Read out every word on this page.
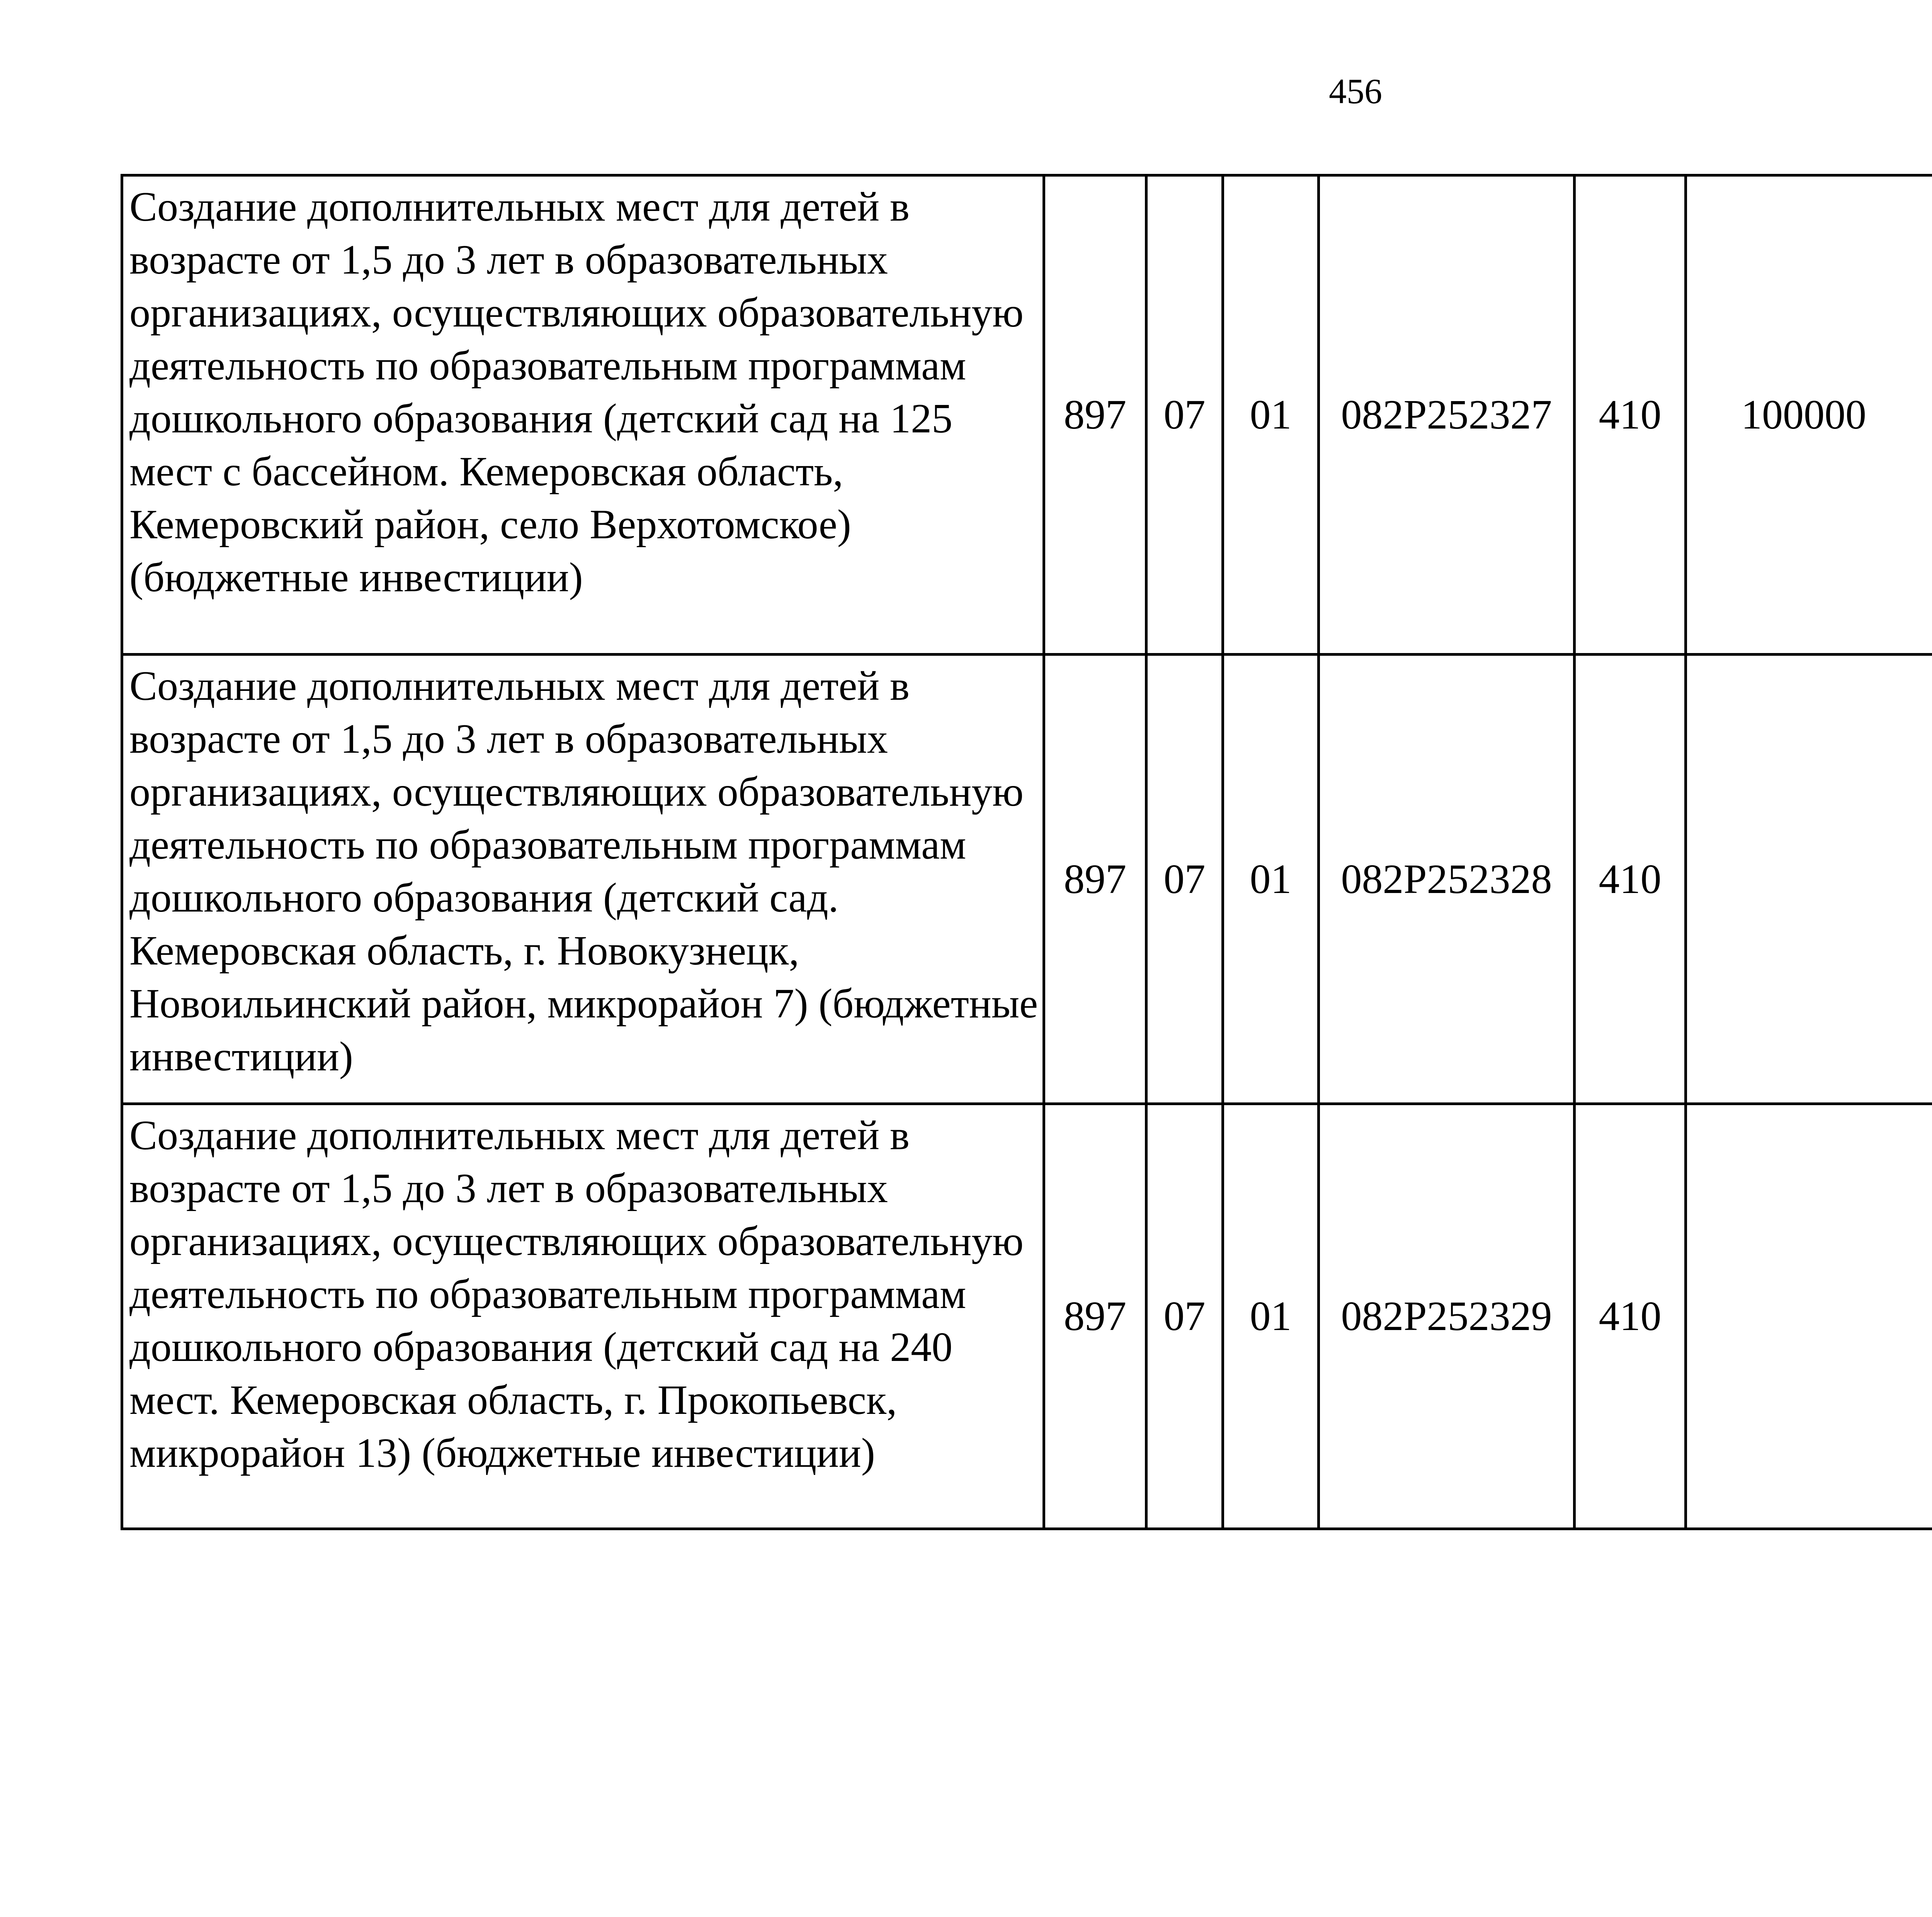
456
Создание дополнительных мест для детей в возрасте от 1,5 до 3 лет в образовательных организациях, осуществляющих образовательную деятельность по образовательным программам дошкольного образования (детский сад на 125 мест с бассейном. Кемеровская область, Кемеровский район, село Верхотомское) (бюджетные инвестиции)	897	07	01	082P252327	410	100000		
Создание дополнительных мест для детей в возрасте от 1,5 до 3 лет в образовательных организациях, осуществляющих образовательную деятельность по образовательным программам дошкольного образования (детский сад. Кемеровская область, г. Новокузнецк, Новоильинский район, микрорайон 7) (бюджетные инвестиции)	897	07	01	082P252328	410			
Создание дополнительных мест для детей в возрасте от 1,5 до 3 лет в образовательных организациях, осуществляющих образовательную деятельность по образовательным программам дошкольного образования (детский сад на 240 мест. Кемеровская область, г. Прокопьевск, микрорайон 13) (бюджетные инвестиции)	897	07	01	082P252329	410			
